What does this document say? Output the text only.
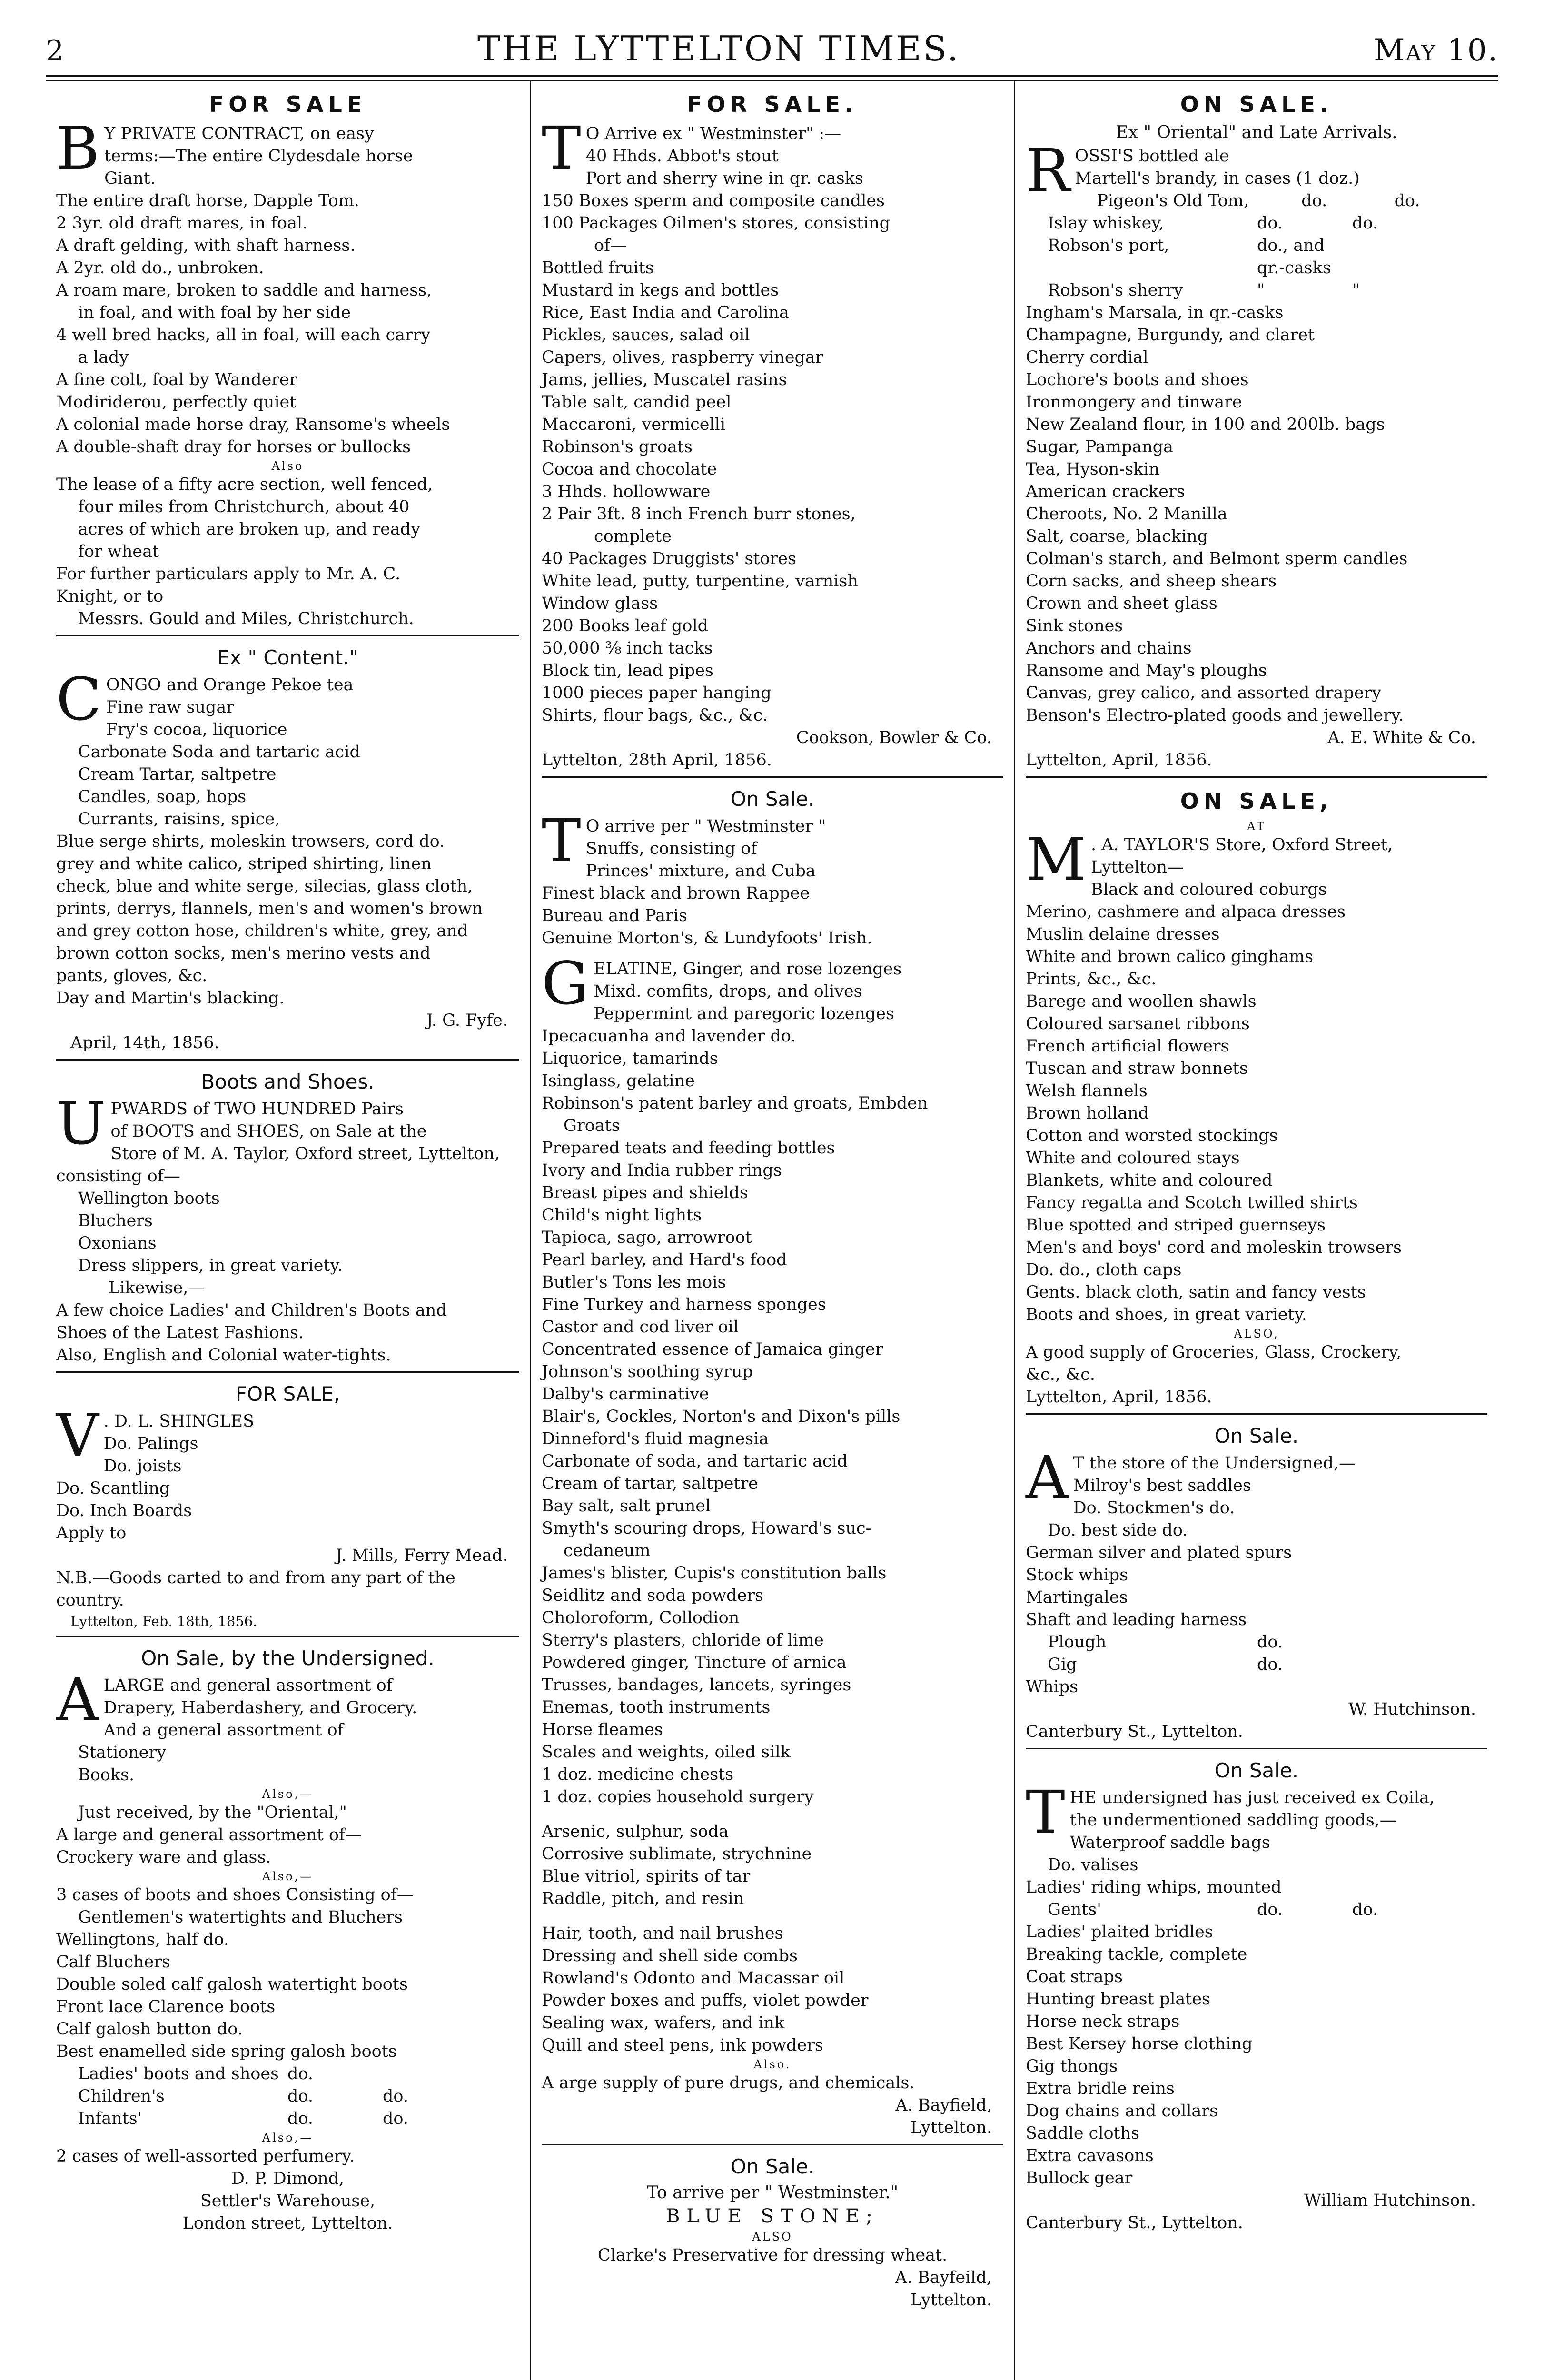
2	THE LYTTELTON TIMES.	May 10.
FOR SALE
B Y PRIVATE CONTRACT, on easy

terms:—The entire Clydesdale horse

Giant.

The entire draft horse, Dapple Tom.

2 3yr. old draft mares, in foal.

A draft gelding, with shaft harness.

A 2yr. old do., unbroken.

A roam mare, broken to saddle and harness,

in foal, and with foal by her side

4 well bred hacks, all in foal, will each carry

a lady

A fine colt, foal by Wanderer

Modiriderou, perfectly quiet

A colonial made horse dray, Ransome's wheels

A double-shaft dray for horses or bullocks

Also

The lease of a fifty acre section, well fenced,

four miles from Christchurch, about 40

acres of which are broken up, and ready

for wheat

For further particulars apply to Mr. A. C.

Knight, or to

Messrs. Gould and Miles, Christchurch.

Ex " Content."
C ONGO and Orange Pekoe tea

Fine raw sugar

Fry's cocoa, liquorice

Carbonate Soda and tartaric acid

Cream Tartar, saltpetre

Candles, soap, hops

Currants, raisins, spice,

Blue serge shirts, moleskin trowsers, cord do.

grey and white calico, striped shirting, linen

check, blue and white serge, silecias, glass cloth,

prints, derrys, flannels, men's and women's brown

and grey cotton hose, children's white, grey, and

brown cotton socks, men's merino vests and

pants, gloves, &c.

Day and Martin's blacking.

J. G. Fyfe.

April, 14th, 1856.

Boots and Shoes.
U PWARDS of TWO HUNDRED Pairs

of BOOTS and SHOES, on Sale at the

Store of M. A. Taylor, Oxford street, Lyttelton,

consisting of—

Wellington boots

Bluchers

Oxonians

Dress slippers, in great variety.

Likewise,—

A few choice Ladies' and Children's Boots and

Shoes of the Latest Fashions.

Also, English and Colonial water-tights.

FOR SALE,
V . D. L. SHINGLES

Do. Palings

Do. joists

Do. Scantling

Do. Inch Boards

Apply to

J. Mills, Ferry Mead.

N.B.—Goods carted to and from any part of the country.

Lyttelton, Feb. 18th, 1856.

On Sale, by the Undersigned.
A LARGE and general assortment of

Drapery, Haberdashery, and Grocery.

And a general assortment of

Stationery

Books.

Also,—

Just received, by the "Oriental,"

A large and general assortment of—

Crockery ware and glass.

Also,—

3 cases of boots and shoes Consisting of—

Gentlemen's watertights and Bluchers

Wellingtons, half do.

Calf Bluchers

Double soled calf galosh watertight boots

Front lace Clarence boots

Calf galosh button do.

Best enamelled side spring galosh boots

Ladies' boots and shoes do.
Children's	do.	do.
Infants'	do.	do.
Also,—

2 cases of well-assorted perfumery.

D. P. Dimond,

Settler's Warehouse,

London street, Lyttelton.

FOR SALE.
T O Arrive ex " Westminster" :—

40 Hhds. Abbot's stout

Port and sherry wine in qr. casks

150 Boxes sperm and composite candles

100 Packages Oilmen's stores, consisting

of—

Bottled fruits

Mustard in kegs and bottles

Rice, East India and Carolina

Pickles, sauces, salad oil

Capers, olives, raspberry vinegar

Jams, jellies, Muscatel rasins

Table salt, candid peel

Maccaroni, vermicelli

Robinson's groats

Cocoa and chocolate

3 Hhds. hollowware

2 Pair 3ft. 8 inch French burr stones,

complete

40 Packages Druggists' stores

White lead, putty, turpentine, varnish

Window glass

200 Books leaf gold

50,000 ⅜ inch tacks

Block tin, lead pipes

1000 pieces paper hanging

Shirts, flour bags, &c., &c.

Cookson, Bowler & Co.

Lyttelton, 28th April, 1856.

On Sale.
T O arrive per " Westminster "

Snuffs, consisting of

Princes' mixture, and Cuba

Finest black and brown Rappee

Bureau and Paris

Genuine Morton's, & Lundyfoots' Irish.

G ELATINE, Ginger, and rose lozenges

Mixd. comfits, drops, and olives

Peppermint and paregoric lozenges

Ipecacuanha and lavender do.

Liquorice, tamarinds

Isinglass, gelatine

Robinson's patent barley and groats, Embden

Groats

Prepared teats and feeding bottles

Ivory and India rubber rings

Breast pipes and shields

Child's night lights

Tapioca, sago, arrowroot

Pearl barley, and Hard's food

Butler's Tons les mois

Fine Turkey and harness sponges

Castor and cod liver oil

Concentrated essence of Jamaica ginger

Johnson's soothing syrup

Dalby's carminative

Blair's, Cockles, Norton's and Dixon's pills

Dinneford's fluid magnesia

Carbonate of soda, and tartaric acid

Cream of tartar, saltpetre

Bay salt, salt prunel

Smyth's scouring drops, Howard's suc-

cedaneum

James's blister, Cupis's constitution balls

Seidlitz and soda powders

Choloroform, Collodion

Sterry's plasters, chloride of lime

Powdered ginger, Tincture of arnica

Trusses, bandages, lancets, syringes

Enemas, tooth instruments

Horse fleames

Scales and weights, oiled silk

1 doz. medicine chests

1 doz. copies household surgery

Arsenic, sulphur, soda

Corrosive sublimate, strychnine

Blue vitriol, spirits of tar

Raddle, pitch, and resin

Hair, tooth, and nail brushes

Dressing and shell side combs

Rowland's Odonto and Macassar oil

Powder boxes and puffs, violet powder

Sealing wax, wafers, and ink

Quill and steel pens, ink powders

Also.

A arge supply of pure drugs, and chemicals.

A. Bayfield,

Lyttelton.

On Sale.
To arrive per " Westminster."
BLUE STONE;
ALSO

Clarke's Preservative for dressing wheat.

A. Bayfeild,

Lyttelton.

ON SALE.
Ex " Oriental" and Late Arrivals.
R OSSI'S bottled ale

Martell's brandy, in cases (1 doz.)

Pigeon's Old Tom,	do.	do.
Islay whiskey,	do.	do.
Robson's port,	do., and qr.-casks
Robson's sherry	"	"

Ingham's Marsala, in qr.-casks

Champagne, Burgundy, and claret

Cherry cordial

Lochore's boots and shoes

Ironmongery and tinware

New Zealand flour, in 100 and 200lb. bags

Sugar, Pampanga

Tea, Hyson-skin

American crackers

Cheroots, No. 2 Manilla

Salt, coarse, blacking

Colman's starch, and Belmont sperm candles

Corn sacks, and sheep shears

Crown and sheet glass

Sink stones

Anchors and chains

Ransome and May's ploughs

Canvas, grey calico, and assorted drapery

Benson's Electro-plated goods and jewellery.

A. E. White & Co.

Lyttelton, April, 1856.

ON SALE,
AT
M . A. TAYLOR'S Store, Oxford Street,

Lyttelton—

Black and coloured coburgs

Merino, cashmere and alpaca dresses

Muslin delaine dresses

White and brown calico ginghams

Prints, &c., &c.

Barege and woollen shawls

Coloured sarsanet ribbons

French artificial flowers

Tuscan and straw bonnets

Welsh flannels

Brown holland

Cotton and worsted stockings

White and coloured stays

Blankets, white and coloured

Fancy regatta and Scotch twilled shirts

Blue spotted and striped guernseys

Men's and boys' cord and moleskin trowsers

Do. do., cloth caps

Gents. black cloth, satin and fancy vests

Boots and shoes, in great variety.

ALSO,

A good supply of Groceries, Glass, Crockery,

&c., &c.

Lyttelton, April, 1856.

On Sale.
A T the store of the Undersigned,—

Milroy's best saddles

Do. Stockmen's do.

Do. best side do.

German silver and plated spurs

Stock whips

Martingales

Shaft and leading harness

Plough	do.
Gig	do.

Whips

W. Hutchinson.

Canterbury St., Lyttelton.

On Sale.
T HE undersigned has just received ex Coila,

the undermentioned saddling goods,—

Waterproof saddle bags

Do. valises

Ladies' riding whips, mounted

Gents'	do.	do.

Ladies' plaited bridles

Breaking tackle, complete

Coat straps

Hunting breast plates

Horse neck straps

Best Kersey horse clothing

Gig thongs

Extra bridle reins

Dog chains and collars

Saddle cloths

Extra cavasons

Bullock gear

William Hutchinson.

Canterbury St., Lyttelton.
